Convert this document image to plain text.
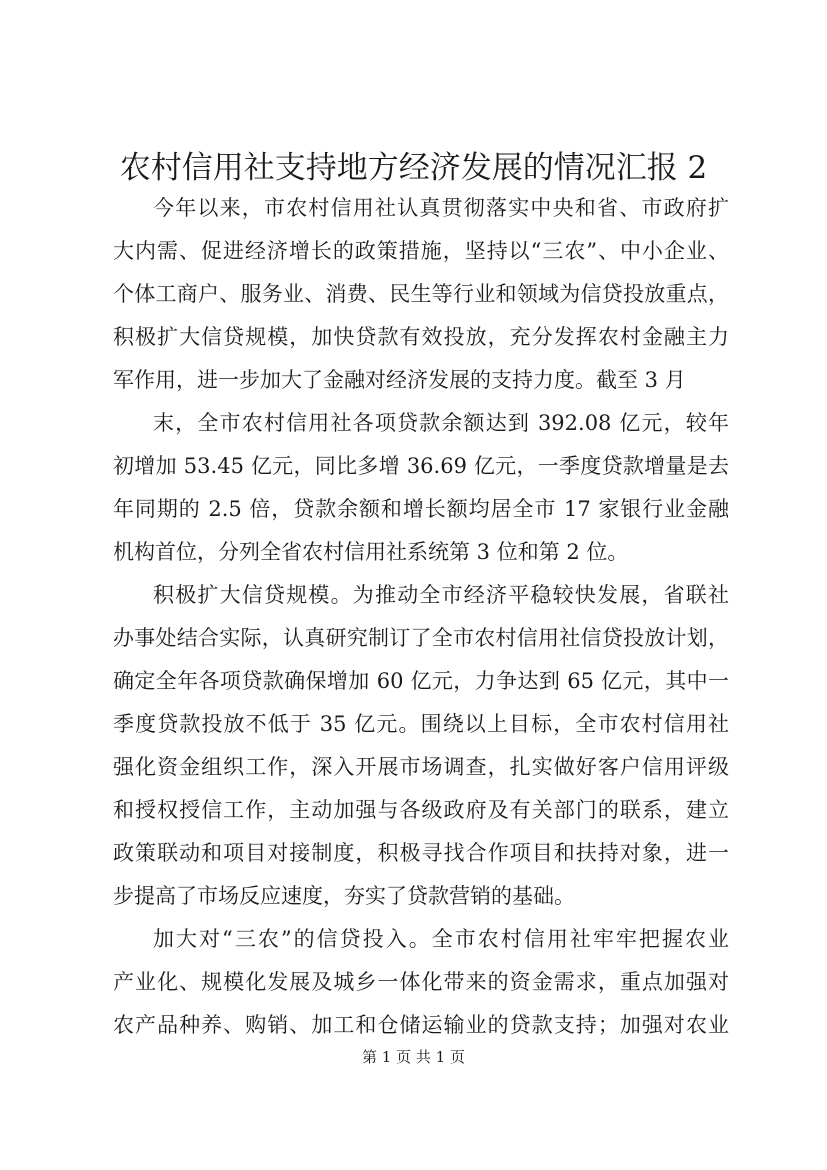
农村信用社支持地方经济发展的情况汇报 2
今年以来，市农村信用社认真贯彻落实中央和省、市政府扩
大内需、促进经济增长的政策措施，坚持以“三农”、中小企业、
个体工商户、服务业、消费、民生等行业和领域为信贷投放重点，
积极扩大信贷规模，加快贷款有效投放，充分发挥农村金融主力
军作用，进一步加大了金融对经济发展的支持力度。截至 3 月
末，全市农村信用社各项贷款余额达到 392.08 亿元，较年
初增加 53.45 亿元，同比多增 36.69 亿元，一季度贷款增量是去
年同期的 2.5 倍，贷款余额和增长额均居全市 17 家银行业金融
机构首位，分列全省农村信用社系统第 3 位和第 2 位。
积极扩大信贷规模。为推动全市经济平稳较快发展，省联社
办事处结合实际，认真研究制订了全市农村信用社信贷投放计划，
确定全年各项贷款确保增加 60 亿元，力争达到 65 亿元，其中一
季度贷款投放不低于 35 亿元。围绕以上目标，全市农村信用社
强化资金组织工作，深入开展市场调查，扎实做好客户信用评级
和授权授信工作，主动加强与各级政府及有关部门的联系，建立
政策联动和项目对接制度，积极寻找合作项目和扶持对象，进一
步提高了市场反应速度，夯实了贷款营销的基础。
加大对“三农”的信贷投入。全市农村信用社牢牢把握农业
产业化、规模化发展及城乡一体化带来的资金需求，重点加强对
农产品种养、购销、加工和仓储运输业的贷款支持；加强对农业
第 1 页 共 1 页
